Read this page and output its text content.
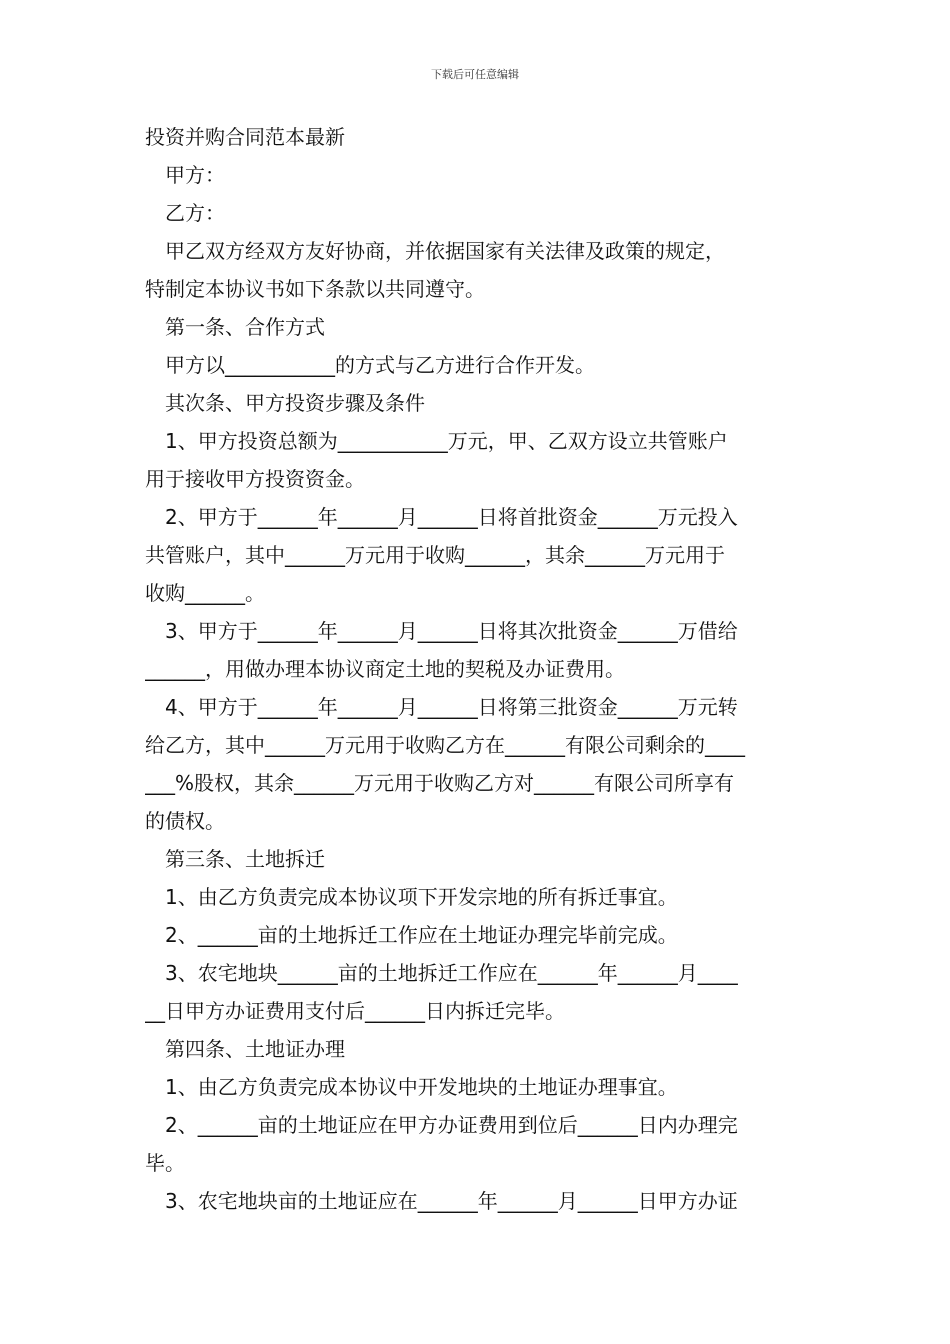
下载后可任意编辑
投资并购合同范本最新
甲方：
乙方：
甲乙双方经双方友好协商，并依据国家有关法律及政策的规定，
特制定本协议书如下条款以共同遵守。
第一条、合作方式
甲方以___________的方式与乙方进行合作开发。
其次条、甲方投资步骤及条件
1、甲方投资总额为___________万元，甲、乙双方设立共管账户
用于接收甲方投资资金。
2、甲方于______年______月______日将首批资金______万元投入
共管账户，其中______万元用于收购______，其余______万元用于
收购______。
3、甲方于______年______月______日将其次批资金______万借给
______，用做办理本协议商定土地的契税及办证费用。
4、甲方于______年______月______日将第三批资金______万元转
给乙方，其中______万元用于收购乙方在______有限公司剩余的____
___%股权，其余______万元用于收购乙方对______有限公司所享有
的债权。
第三条、土地拆迁
1、由乙方负责完成本协议项下开发宗地的所有拆迁事宜。
2、______亩的土地拆迁工作应在土地证办理完毕前完成。
3、农宅地块______亩的土地拆迁工作应在______年______月____
__日甲方办证费用支付后______日内拆迁完毕。
第四条、土地证办理
1、由乙方负责完成本协议中开发地块的土地证办理事宜。
2、______亩的土地证应在甲方办证费用到位后______日内办理完
毕。
3、农宅地块亩的土地证应在______年______月______日甲方办证
